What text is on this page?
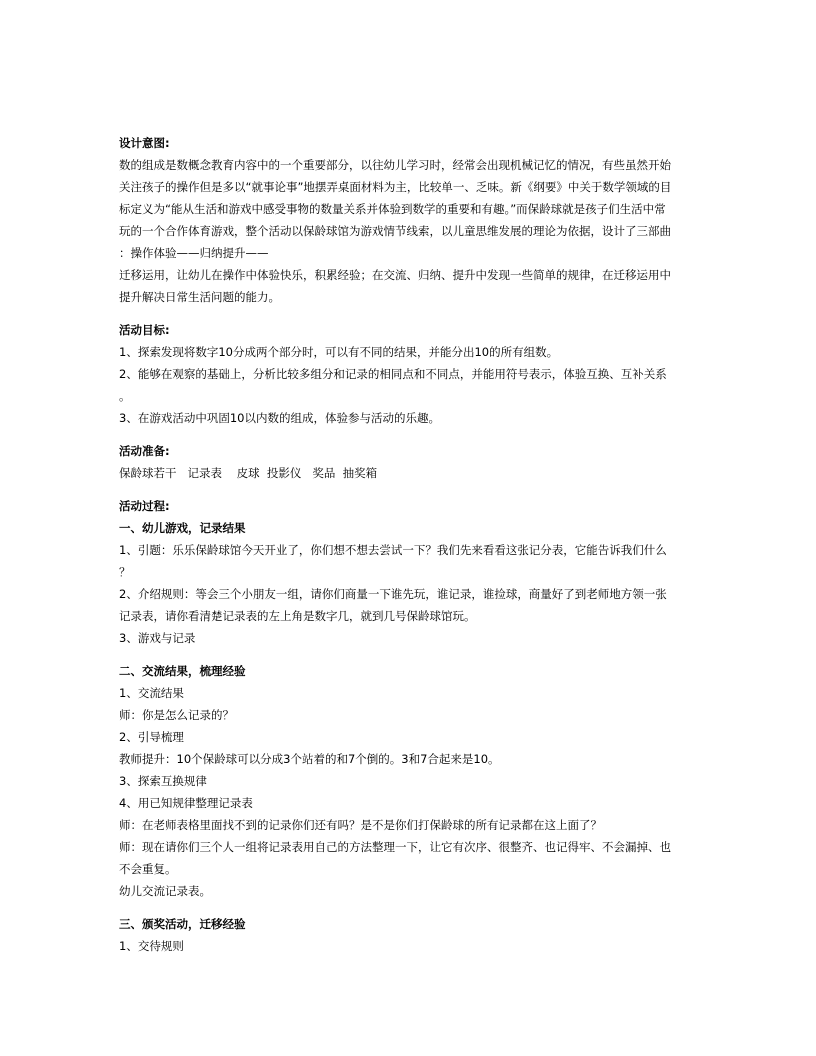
设计意图:
数的组成是数概念教育内容中的一个重要部分，以往幼儿学习时，经常会出现机械记忆的情况，有些虽然开始
关注孩子的操作但是多以“就事论事”地摆弄桌面材料为主，比较单一、乏味。新《纲要》中关于数学领域的目
标定义为“能从生活和游戏中感受事物的数量关系并体验到数学的重要和有趣。”而保龄球就是孩子们生活中常
玩的一个合作体育游戏，整个活动以保龄球馆为游戏情节线索，以儿童思维发展的理论为依据，设计了三部曲
：操作体验——归纳提升——
迁移运用，让幼儿在操作中体验快乐，积累经验；在交流、归纳、提升中发现一些简单的规律，在迁移运用中
提升解决日常生活问题的能力。
活动目标:
1、探索发现将数字10分成两个部分时，可以有不同的结果，并能分出10的所有组数。
2、能够在观察的基础上，分析比较多组分和记录的相同点和不同点，并能用符号表示，体验互换、互补关系
。
3、在游戏活动中巩固10以内数的组成，体验参与活动的乐趣。
活动准备:
保龄球若干   记录表    皮球  投影仪   奖品  抽奖箱
活动过程:
一、幼儿游戏，记录结果
1、引题：乐乐保龄球馆今天开业了，你们想不想去尝试一下？我们先来看看这张记分表，它能告诉我们什么
？
2、介绍规则：等会三个小朋友一组，请你们商量一下谁先玩，谁记录，谁捡球，商量好了到老师地方领一张
记录表，请你看清楚记录表的左上角是数字几，就到几号保龄球馆玩。
3、游戏与记录
二、交流结果，梳理经验
1、交流结果
师：你是怎么记录的？
2、引导梳理
教师提升：10个保龄球可以分成3个站着的和7个倒的。3和7合起来是10。
3、探索互换规律
4、用已知规律整理记录表
师：在老师表格里面找不到的记录你们还有吗？是不是你们打保龄球的所有记录都在这上面了？
师：现在请你们三个人一组将记录表用自己的方法整理一下，让它有次序、很整齐、也记得牢、不会漏掉、也
不会重复。
幼儿交流记录表。
三、颁奖活动，迁移经验
1、交待规则
